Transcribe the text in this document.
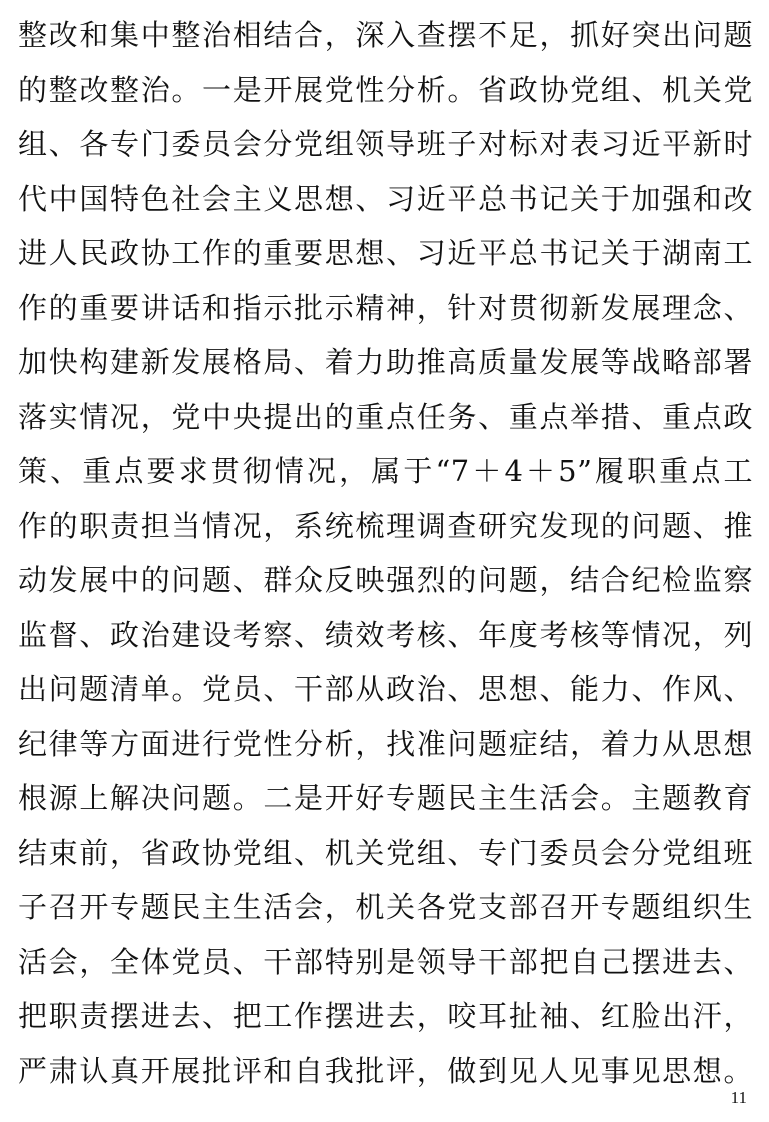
整改和集中整治相结合，深入查摆不足，抓好突出问题
的整改整治。一是开展党性分析。省政协党组、机关党
组、各专门委员会分党组领导班子对标对表习近平新时
代中国特色社会主义思想、习近平总书记关于加强和改
进人民政协工作的重要思想、习近平总书记关于湖南工
作的重要讲话和指示批示精神，针对贯彻新发展理念、
加快构建新发展格局、着力助推高质量发展等战略部署
落实情况，党中央提出的重点任务、重点举措、重点政
策、重点要求贯彻情况，属于“7＋4＋5”履职重点工
作的职责担当情况，系统梳理调查研究发现的问题、推
动发展中的问题、群众反映强烈的问题，结合纪检监察
监督、政治建设考察、绩效考核、年度考核等情况，列
出问题清单。党员、干部从政治、思想、能力、作风、
纪律等方面进行党性分析，找准问题症结，着力从思想
根源上解决问题。二是开好专题民主生活会。主题教育
结束前，省政协党组、机关党组、专门委员会分党组班
子召开专题民主生活会，机关各党支部召开专题组织生
活会，全体党员、干部特别是领导干部把自己摆进去、
把职责摆进去、把工作摆进去，咬耳扯袖、红脸出汗，
严肃认真开展批评和自我批评，做到见人见事见思想。
11
